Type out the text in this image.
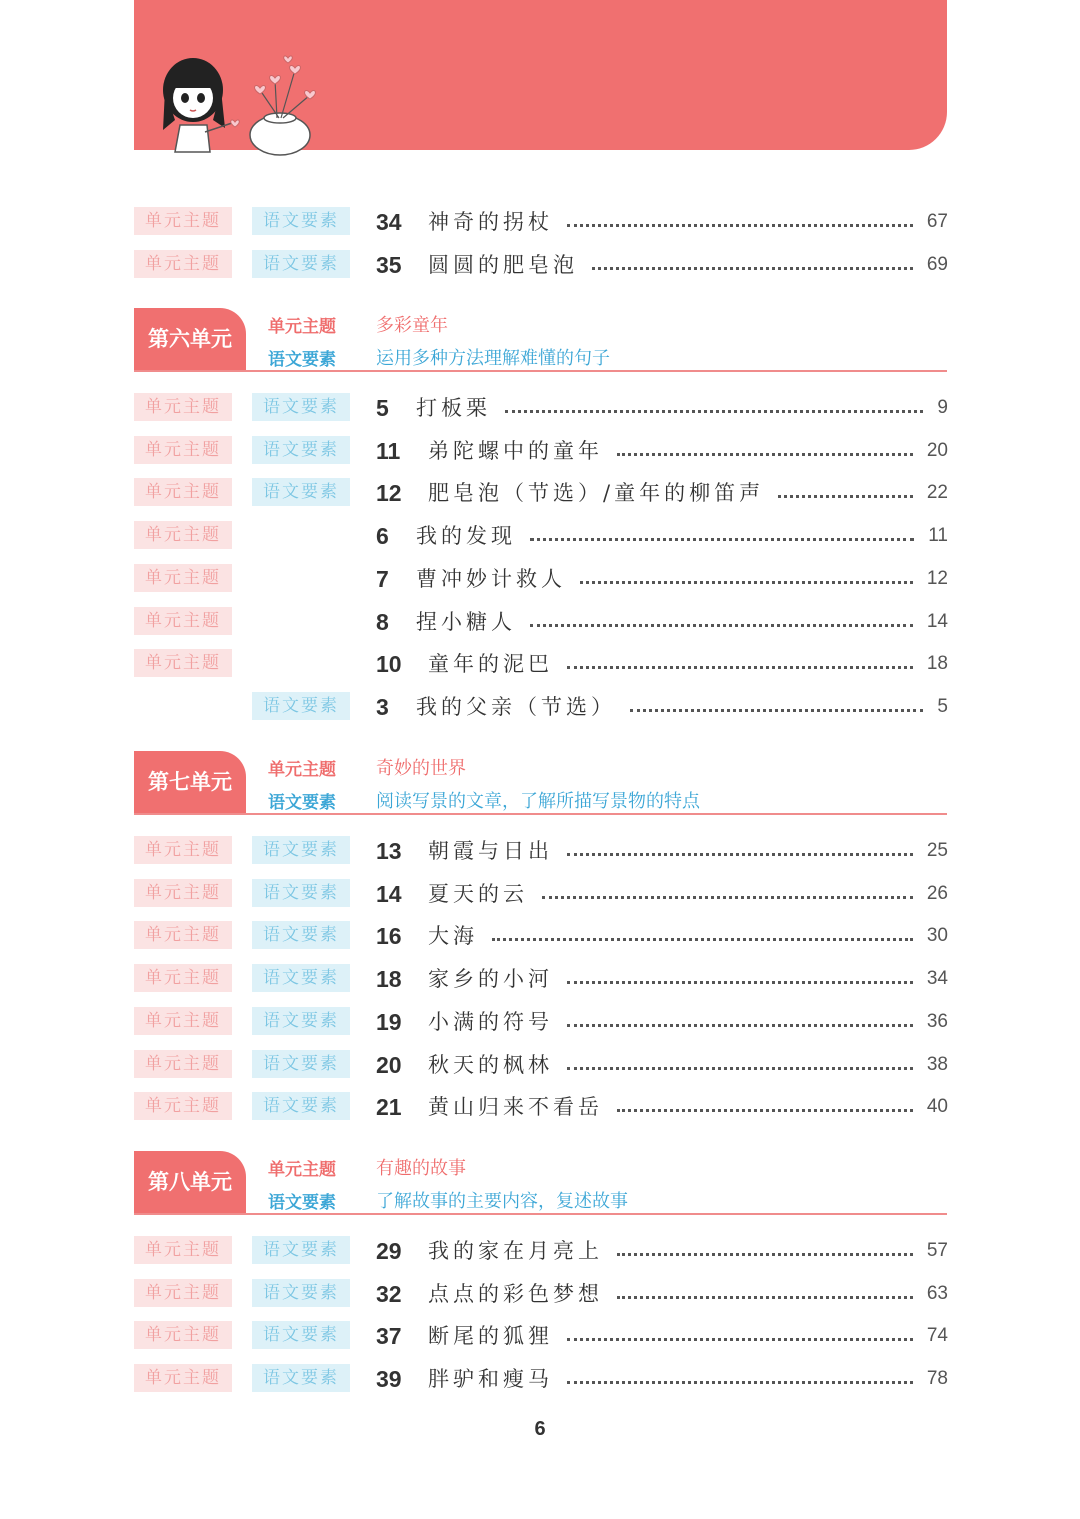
6
单元主题	语文要素	34 神奇的拐杖	67
单元主题	语文要素	35 圆圆的肥皂泡	69
第六单元	单元主题 多彩童年
语文要素 运用多种方法理解难懂的句子
单元主题	语文要素	5 打板栗	9
单元主题	语文要素	11 弟陀螺中的童年	20
单元主题	语文要素	12 肥皂泡（节选）/童年的柳笛声	22
单元主题	6 我的发现	11
单元主题	7 曹冲妙计救人	12
单元主题	8 捏小糖人	14
单元主题	10 童年的泥巴	18
语文要素	3 我的父亲（节选）	5
第七单元	单元主题 奇妙的世界
语文要素 阅读写景的文章，了解所描写景物的特点
单元主题	语文要素	13 朝霞与日出	25
单元主题	语文要素	14 夏天的云	26
单元主题	语文要素	16 大海	30
单元主题	语文要素	18 家乡的小河	34
单元主题	语文要素	19 小满的符号	36
单元主题	语文要素	20 秋天的枫林	38
单元主题	语文要素	21 黄山归来不看岳	40
第八单元	单元主题 有趣的故事
语文要素 了解故事的主要内容，复述故事
单元主题	语文要素	29 我的家在月亮上	57
单元主题	语文要素	32 点点的彩色梦想	63
单元主题	语文要素	37 断尾的狐狸	74
单元主题	语文要素	39 胖驴和瘦马	78
